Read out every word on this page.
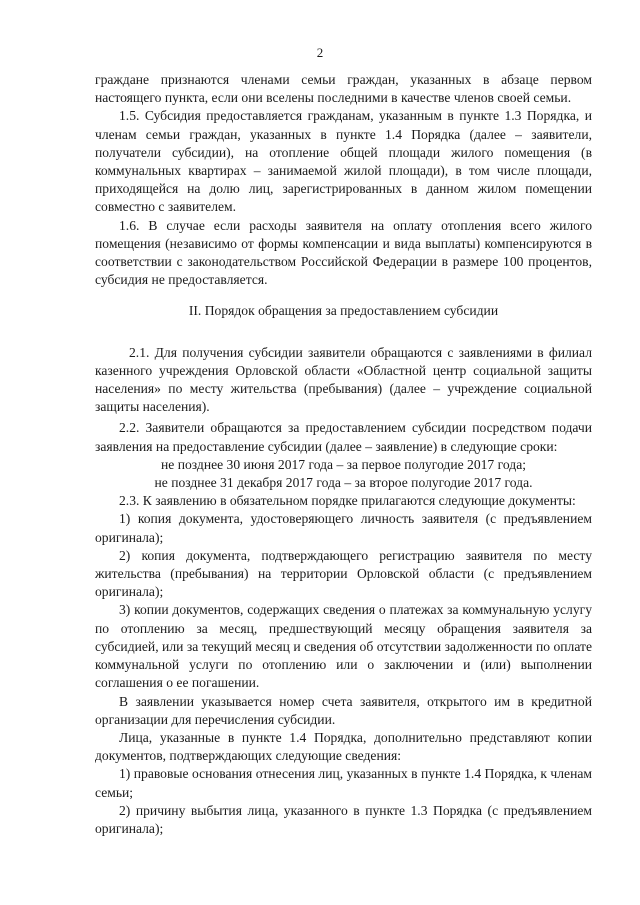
2

граждане признаются членами семьи граждан, указанных в абзаце первом настоящего пункта, если они вселены последними в качестве членов своей семьи.

1.5. Субсидия предоставляется гражданам, указанным в пункте 1.3 Порядка, и членам семьи граждан, указанных в пункте 1.4 Порядка (далее – заявители, получатели субсидии), на отопление общей площади жилого помещения (в коммунальных квартирах – занимаемой жилой площади), в том числе площади, приходящейся на долю лиц, зарегистрированных в данном жилом помещении совместно с заявителем.

1.6. В случае если расходы заявителя на оплату отопления всего жилого помещения (независимо от формы компенсации и вида выплаты) компенсируются в соответствии с законодательством Российской Федерации в размере 100 процентов, субсидия не предоставляется.

II. Порядок обращения за предоставлением субсидии

2.1. Для получения субсидии заявители обращаются с заявлениями в филиал казенного учреждения Орловской области «Областной центр социальной защиты населения» по месту жительства (пребывания) (далее – учреждение социальной защиты населения).

2.2. Заявители обращаются за предоставлением субсидии посредством подачи заявления на предоставление субсидии (далее – заявление) в следующие сроки:

не позднее 30 июня 2017 года – за первое полугодие 2017 года;

не позднее 31 декабря 2017 года – за второе полугодие 2017 года.

2.3. К заявлению в обязательном порядке прилагаются следующие документы:

1) копия документа, удостоверяющего личность заявителя (с предъявлением оригинала);

2) копия документа, подтверждающего регистрацию заявителя по месту жительства (пребывания) на территории Орловской области (с предъявлением оригинала);

3) копии документов, содержащих сведения о платежах за коммунальную услугу по отоплению за месяц, предшествующий месяцу обращения заявителя за субсидией, или за текущий месяц и сведения об отсутствии задолженности по оплате коммунальной услуги по отоплению или о заключении и (или) выполнении соглашения о ее погашении.

В заявлении указывается номер счета заявителя, открытого им в кредитной организации для перечисления субсидии.

Лица, указанные в пункте 1.4 Порядка, дополнительно представляют копии документов, подтверждающих следующие сведения:

1) правовые основания отнесения лиц, указанных в пункте 1.4 Порядка, к членам семьи;

2) причину выбытия лица, указанного в пункте 1.3 Порядка (с предъявлением оригинала);
